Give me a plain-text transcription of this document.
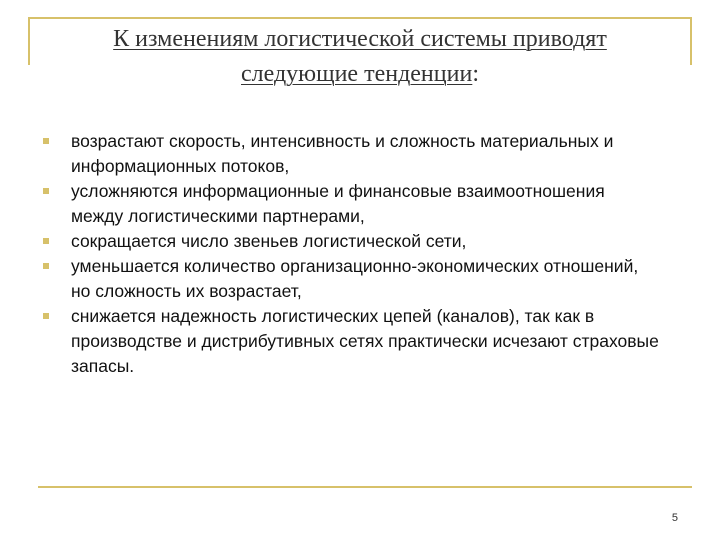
К изменениям логистической системы приводят
следующие тенденции:
возрастают скорость, интенсивность и сложность материальных и информационных потоков,
усложняются информационные и финансовые взаимоотношения между логистическими партнерами,
сокращается число звеньев логистической сети,
уменьшается количество организационно-экономических отношений, но сложность их возрастает,
снижается надежность логистических цепей (каналов), так как в производстве и дистрибутивных сетях практически исчезают страховые запасы.
5
